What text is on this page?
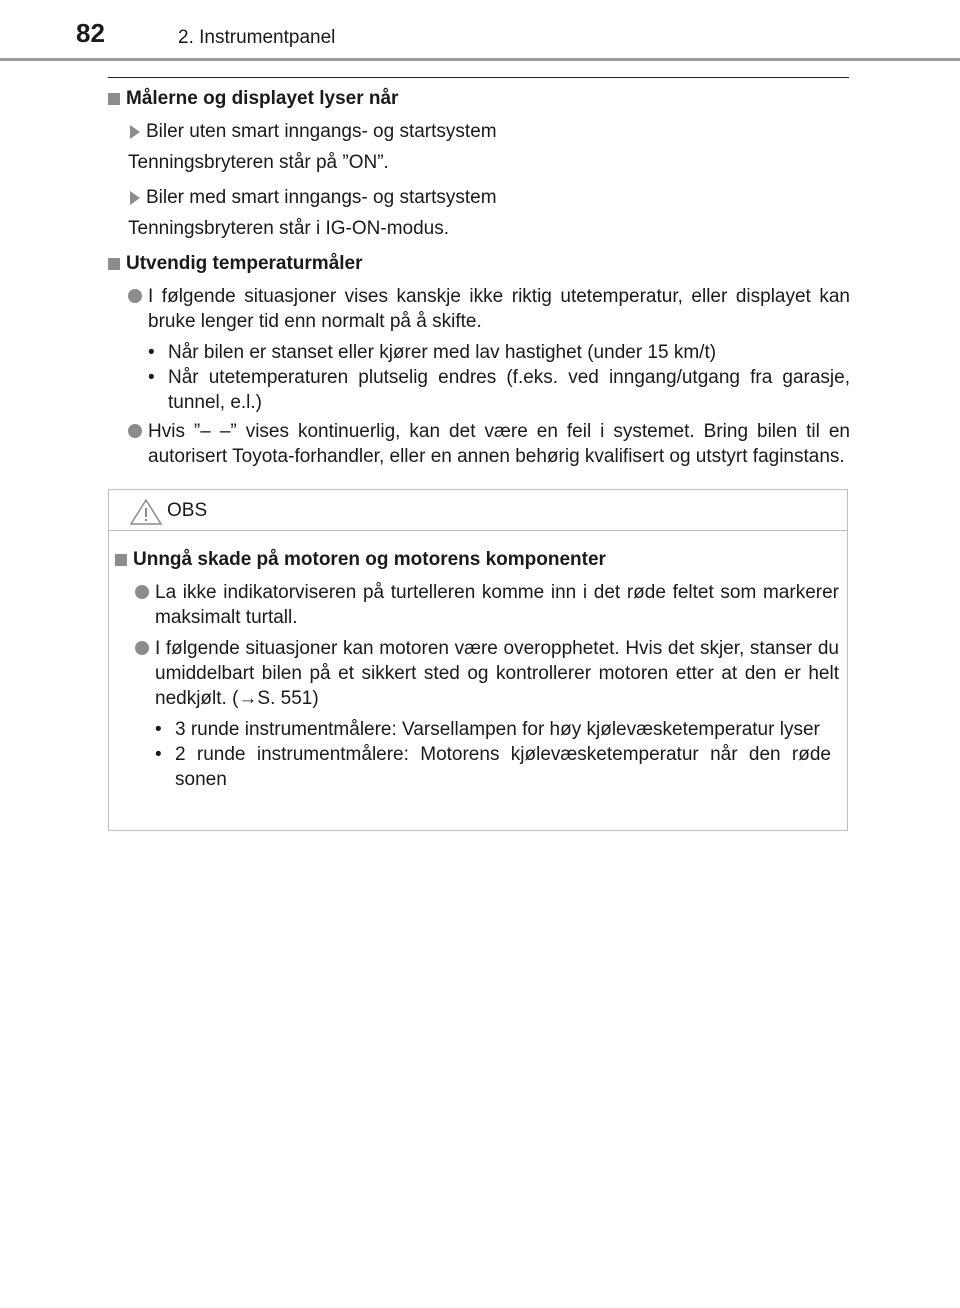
82	2. Instrumentpanel
Målerne og displayet lyser når
Biler uten smart inngangs- og startsystem
Tenningsbryteren står på ”ON”.
Biler med smart inngangs- og startsystem
Tenningsbryteren står i IG-ON-modus.
Utvendig temperaturmåler
I følgende situasjoner vises kanskje ikke riktig utetemperatur, eller displayet kan bruke lenger tid enn normalt på å skifte.
• Når bilen er stanset eller kjører med lav hastighet (under 15 km/t)
• Når utetemperaturen plutselig endres (f.eks. ved inngang/utgang fra garasje, tunnel, e.l.)
Hvis ”– –” vises kontinuerlig, kan det være en feil i systemet. Bring bilen til en autorisert Toyota-forhandler, eller en annen behørig kvalifisert og utstyrt faginstans.
OBS
Unngå skade på motoren og motorens komponenter
La ikke indikatorviseren på turtelleren komme inn i det røde feltet som markerer maksimalt turtall.
I følgende situasjoner kan motoren være overopphetet. Hvis det skjer, stanser du umiddelbart bilen på et sikkert sted og kontrollerer motoren etter at den er helt nedkjølt. (→S. 551)
• 3 runde instrumentmålere: Varsellampen for høy kjølevæsketemperatur lyser
• 2 runde instrumentmålere: Motorens kjølevæsketemperatur når den røde sonen
